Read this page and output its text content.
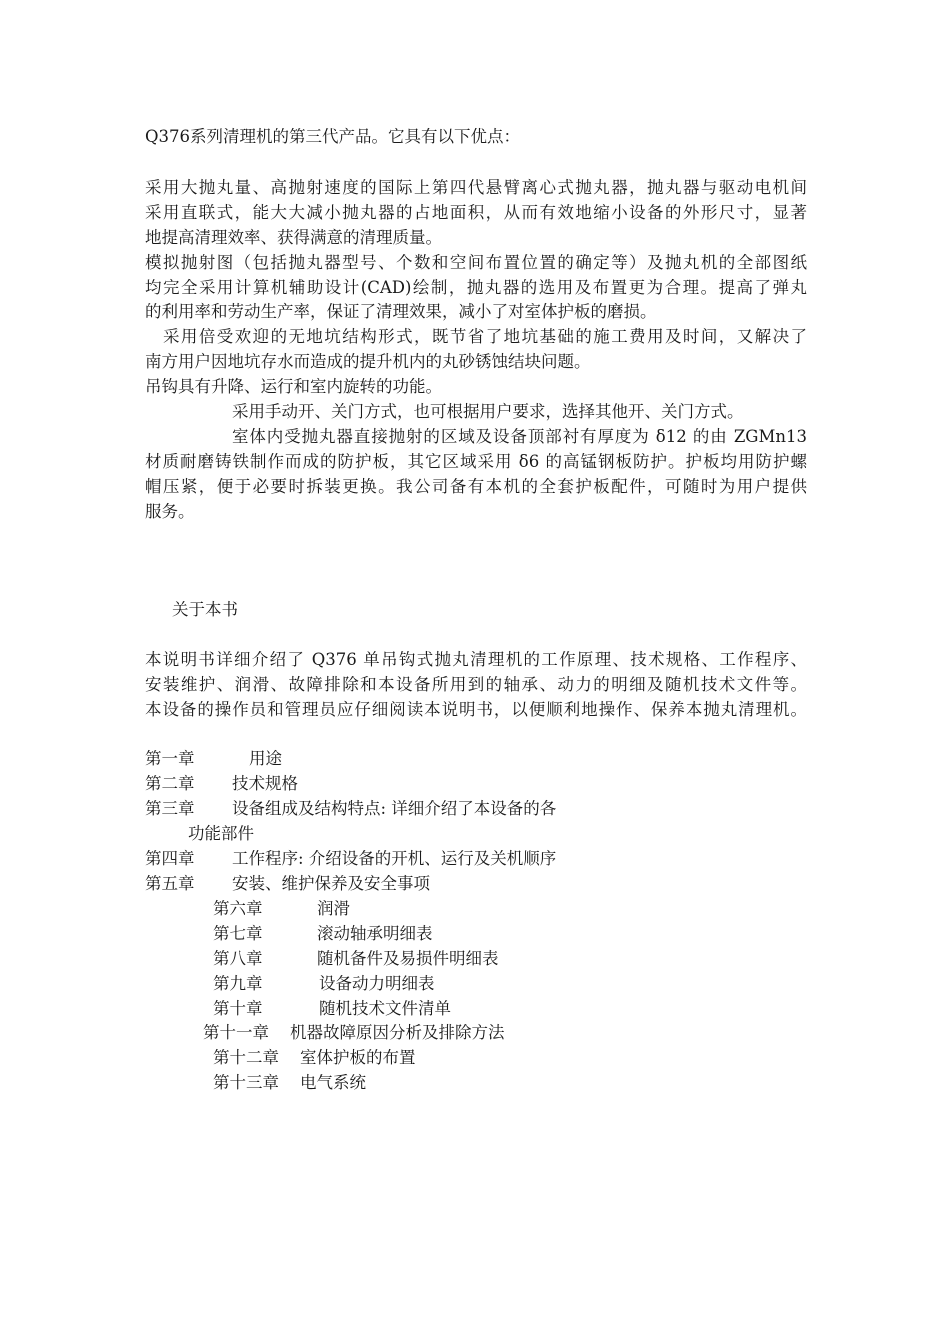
Q376系列清理机的第三代产品。它具有以下优点：
采用大抛丸量、高抛射速度的国际上第四代悬臂离心式抛丸器，抛丸器与驱动电机间
采用直联式，能大大减小抛丸器的占地面积，从而有效地缩小设备的外形尺寸，显著
地提高清理效率、获得满意的清理质量。
模拟抛射图（包括抛丸器型号、个数和空间布置位置的确定等）及抛丸机的全部图纸
均完全采用计算机辅助设计(CAD)绘制，抛丸器的选用及布置更为合理。提高了弹丸
的利用率和劳动生产率，保证了清理效果，减小了对室体护板的磨损。
采用倍受欢迎的无地坑结构形式，既节省了地坑基础的施工费用及时间，又解决了
南方用户因地坑存水而造成的提升机内的丸砂锈蚀结块问题。
吊钩具有升降、运行和室内旋转的功能。
采用手动开、关门方式，也可根据用户要求，选择其他开、关门方式。
室体内受抛丸器直接抛射的区域及设备顶部衬有厚度为 δ12 的由 ZGMn13
材质耐磨铸铁制作而成的防护板，其它区域采用 δ6 的高锰钢板防护。护板均用防护螺
帽压紧，便于必要时拆装更换。我公司备有本机的全套护板配件，可随时为用户提供
服务。
关于本书
本说明书详细介绍了 Q376 单吊钩式抛丸清理机的工作原理、技术规格、工作程序、
安装维护、润滑、故障排除和本设备所用到的轴承、动力的明细及随机技术文件等。
本设备的操作员和管理员应仔细阅读本说明书，以便顺利地操作、保养本抛丸清理机。
第一章	用途
第二章 技术规格
第三章 设备组成及结构特点: 详细介绍了本设备的各
功能部件
第四章 工作程序: 介绍设备的开机、运行及关机顺序
第五章 安装、维护保养及安全事项
第六章	润滑
第七章	滚动轴承明细表
第八章	随机备件及易损件明细表
第九章	设备动力明细表
第十章	随机技术文件清单
第十一章 机器故障原因分析及排除方法
第十二章 室体护板的布置
第十三章 电气系统
